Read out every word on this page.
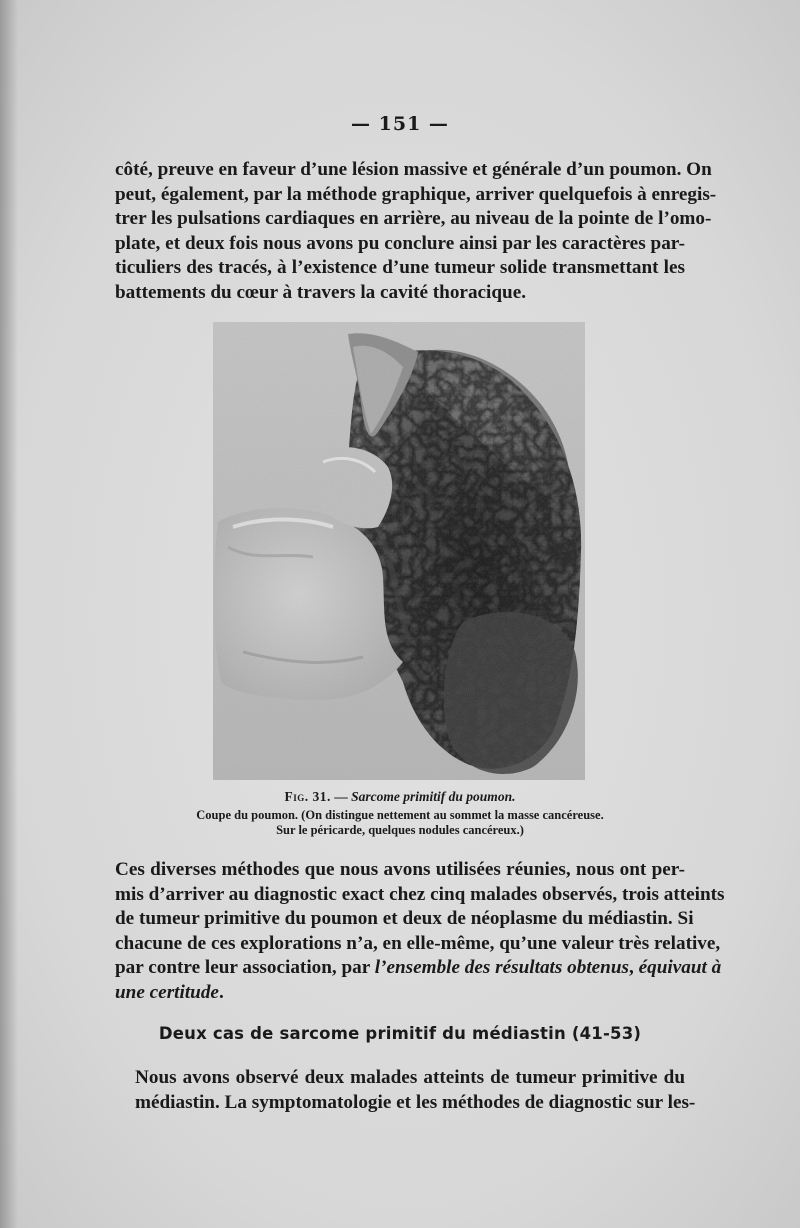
— 151 —
côté, preuve en faveur d’une lésion massive et générale d’un poumon. On
peut, également, par la méthode graphique, arriver quelquefois à enregis-
trer les pulsations cardiaques en arrière, au niveau de la pointe de l’omo-
plate, et deux fois nous avons pu conclure ainsi par les caractères par-
ticuliers des tracés, à l’existence d’une tumeur solide transmettant les
battements du cœur à travers la cavité thoracique.
Fig. 31. — Sarcome primitif du poumon.
Coupe du poumon. (On distingue nettement au sommet la masse cancéreuse.
Sur le péricarde, quelques nodules cancéreux.)
Ces diverses méthodes que nous avons utilisées réunies, nous ont per-
mis d’arriver au diagnostic exact chez cinq malades observés, trois atteints
de tumeur primitive du poumon et deux de néoplasme du médiastin. Si
chacune de ces explorations n’a, en elle-même, qu’une valeur très relative,
par contre leur association, par l’ensemble des résultats obtenus, équivaut à
une certitude.
Deux cas de sarcome primitif du médiastin (41-53)
Nous avons observé deux malades atteints de tumeur primitive du
médiastin. La symptomatologie et les méthodes de diagnostic sur les-
